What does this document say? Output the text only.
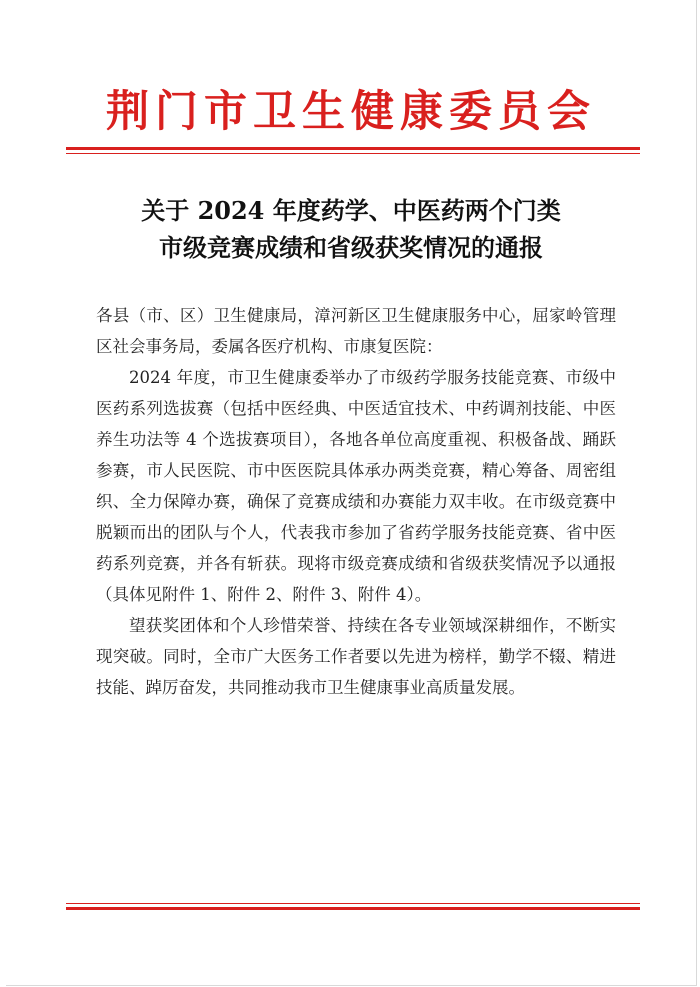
荆门市卫生健康委员会
关于 2024 年度药学、中医药两个门类
市级竞赛成绩和省级获奖情况的通报

各县（市、区）卫生健康局，漳河新区卫生健康服务中心，屈家岭管理区社会事务局，委属各医疗机构、市康复医院：

2024 年度，市卫生健康委举办了市级药学服务技能竞赛、市级中医药系列选拔赛（包括中医经典、中医适宜技术、中药调剂技能、中医养生功法等 4 个选拔赛项目），各地各单位高度重视、积极备战、踊跃参赛，市人民医院、市中医医院具体承办两类竞赛，精心筹备、周密组织、全力保障办赛，确保了竞赛成绩和办赛能力双丰收。在市级竞赛中脱颖而出的团队与个人，代表我市参加了省药学服务技能竞赛、省中医药系列竞赛，并各有斩获。现将市级竞赛成绩和省级获奖情况予以通报（具体见附件 1、附件 2、附件 3、附件 4）。

望获奖团体和个人珍惜荣誉、持续在各专业领域深耕细作，不断实现突破。同时，全市广大医务工作者要以先进为榜样，勤学不辍、精进技能、踔厉奋发，共同推动我市卫生健康事业高质量发展。
